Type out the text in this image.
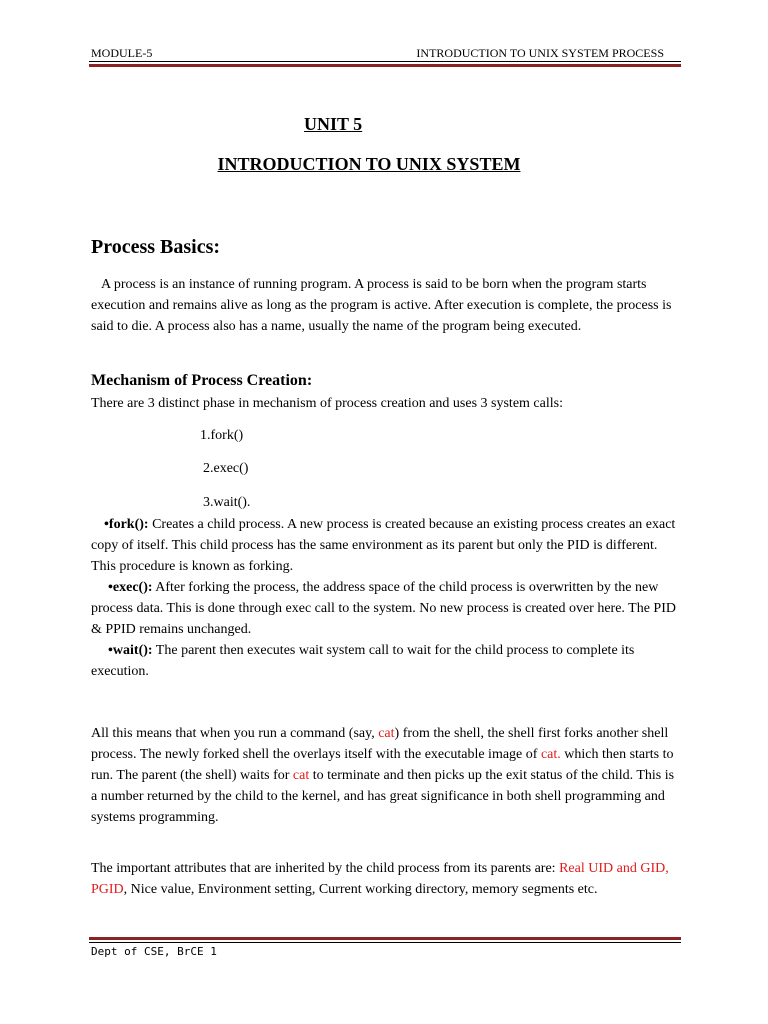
MODULE-5	INTRODUCTION TO UNIX SYSTEM PROCESS
UNIT 5
INTRODUCTION TO UNIX SYSTEM
Process Basics:
A process is an instance of running program. A process is said to be born when the program starts execution and remains alive as long as the program is active. After execution is complete, the process is said to die. A process also has a name, usually the name of the program being executed.
Mechanism of Process Creation:
There are 3 distinct phase in mechanism of process creation and uses 3 system calls:
1.fork()
2.exec()
3.wait().
•fork(): Creates a child process. A new process is created because an existing process creates an exact copy of itself. This child process has the same environment as its parent but only the PID is different. This procedure is known as forking.
•exec(): After forking the process, the address space of the child process is overwritten by the new process data. This is done through exec call to the system. No new process is created over here. The PID & PPID remains unchanged.
•wait(): The parent then executes wait system call to wait for the child process to complete its execution.
All this means that when you run a command (say, cat) from the shell, the shell first forks another shell process. The newly forked shell the overlays itself with the executable image of cat. which then starts to run. The parent (the shell) waits for cat to terminate and then picks up the exit status of the child. This is a number returned by the child to the kernel, and has great significance in both shell programming and systems programming.
The important attributes that are inherited by the child process from its parents are: Real UID and GID, PGID, Nice value, Environment setting, Current working directory, memory segments etc.
Dept of CSE, BrCE 1
